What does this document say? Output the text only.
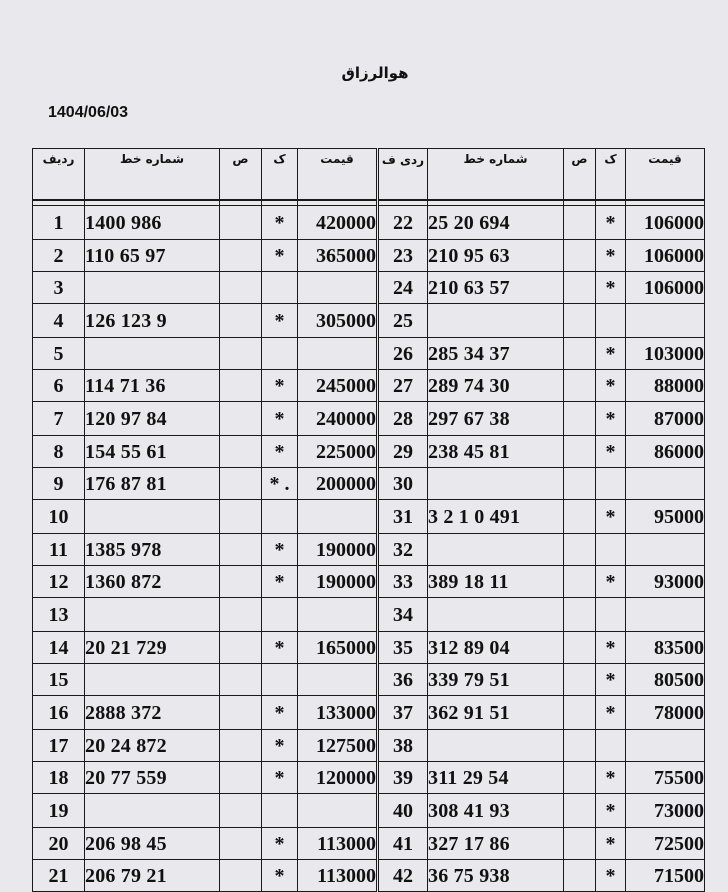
هوالرزاق
1404/06/03
ردیف	شماره خط	ص	ک	قیمت	ردی ف	شماره خط	ص	ک	قیمت

1	1400 986		*	420000	22	25 20 694		*	106000
2	110 65 97		*	365000	23	210 95 63		*	106000
3					24	210 63 57		*	106000
4	126 123 9		*	305000	25				
5					26	285 34 37		*	103000
6	114 71 36		*	245000	27	289 74 30		*	88000
7	120 97 84		*	240000	28	297 67 38		*	87000
8	154 55 61		*	225000	29	238 45 81		*	86000
9	176 87 81		* .	200000	30				
10					31	3 2 1 0 491		*	95000
11	1385 978		*	190000	32				
12	1360 872		*	190000	33	389 18 11		*	93000
13					34				
14	20 21 729		*	165000	35	312 89 04		*	83500
15					36	339 79 51		*	80500
16	2888 372		*	133000	37	362 91 51		*	78000
17	20 24 872		*	127500	38				
18	20 77 559		*	120000	39	311 29 54		*	75500
19					40	308 41 93		*	73000
20	206 98 45		*	113000	41	327 17 86		*	72500
21	206 79 21		*	113000	42	36 75 938		*	71500
